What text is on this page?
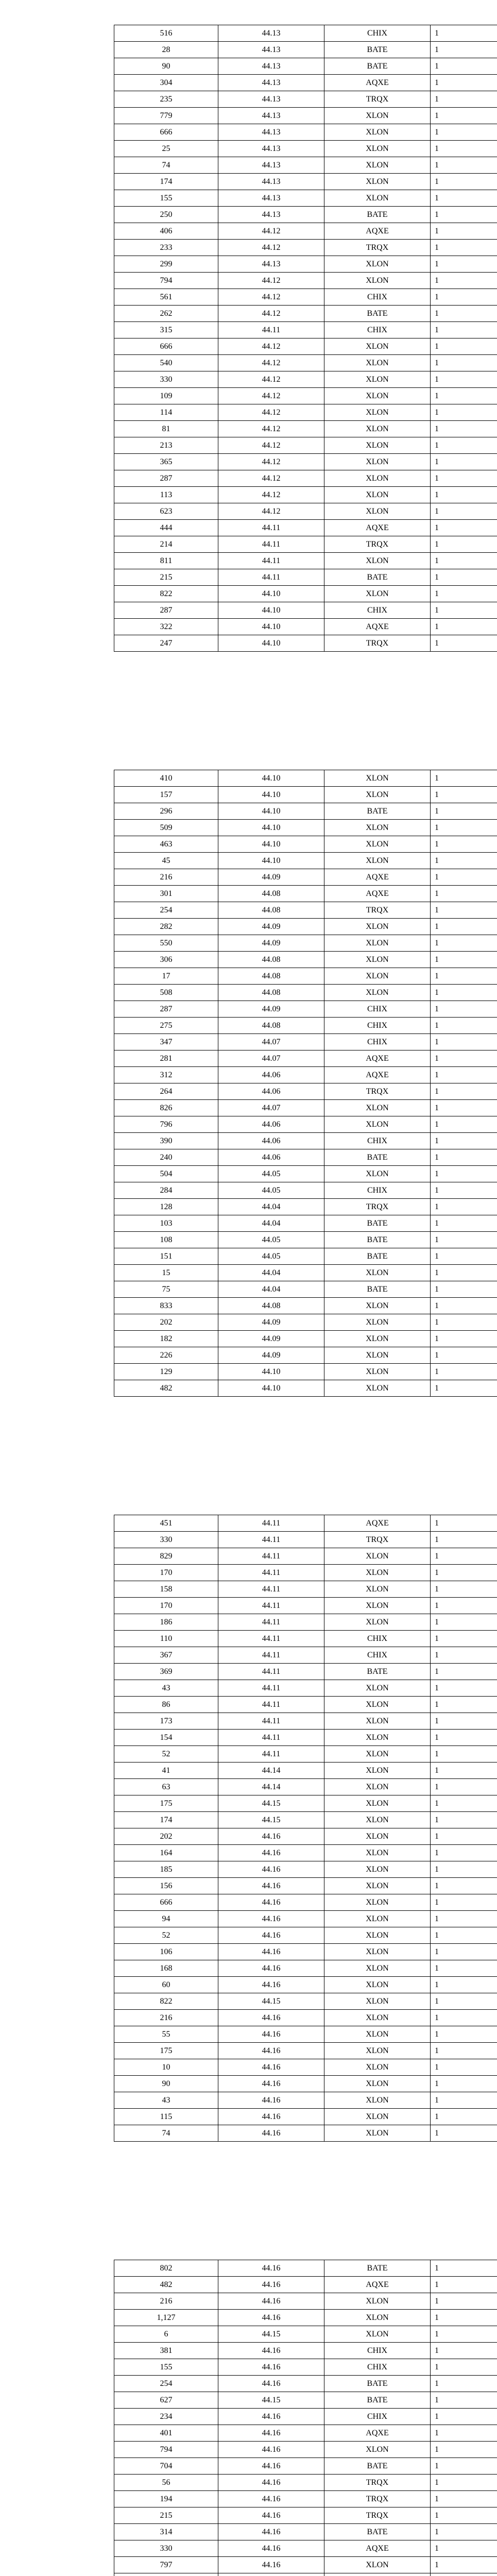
516	44.13	CHIX	1
28	44.13	BATE	1
90	44.13	BATE	1
304	44.13	AQXE	1
235	44.13	TRQX	1
779	44.13	XLON	1
666	44.13	XLON	1
25	44.13	XLON	1
74	44.13	XLON	1
174	44.13	XLON	1
155	44.13	XLON	1
250	44.13	BATE	1
406	44.12	AQXE	1
233	44.12	TRQX	1
299	44.13	XLON	1
794	44.12	XLON	1
561	44.12	CHIX	1
262	44.12	BATE	1
315	44.11	CHIX	1
666	44.12	XLON	1
540	44.12	XLON	1
330	44.12	XLON	1
109	44.12	XLON	1
114	44.12	XLON	1
81	44.12	XLON	1
213	44.12	XLON	1
365	44.12	XLON	1
287	44.12	XLON	1
113	44.12	XLON	1
623	44.12	XLON	1
444	44.11	AQXE	1
214	44.11	TRQX	1
811	44.11	XLON	1
215	44.11	BATE	1
822	44.10	XLON	1
287	44.10	CHIX	1
322	44.10	AQXE	1
247	44.10	TRQX	1
410	44.10	XLON	1
157	44.10	XLON	1
296	44.10	BATE	1
509	44.10	XLON	1
463	44.10	XLON	1
45	44.10	XLON	1
216	44.09	AQXE	1
301	44.08	AQXE	1
254	44.08	TRQX	1
282	44.09	XLON	1
550	44.09	XLON	1
306	44.08	XLON	1
17	44.08	XLON	1
508	44.08	XLON	1
287	44.09	CHIX	1
275	44.08	CHIX	1
347	44.07	CHIX	1
281	44.07	AQXE	1
312	44.06	AQXE	1
264	44.06	TRQX	1
826	44.07	XLON	1
796	44.06	XLON	1
390	44.06	CHIX	1
240	44.06	BATE	1
504	44.05	XLON	1
284	44.05	CHIX	1
128	44.04	TRQX	1
103	44.04	BATE	1
108	44.05	BATE	1
151	44.05	BATE	1
15	44.04	XLON	1
75	44.04	BATE	1
833	44.08	XLON	1
202	44.09	XLON	1
182	44.09	XLON	1
226	44.09	XLON	1
129	44.10	XLON	1
482	44.10	XLON	1
451	44.11	AQXE	1
330	44.11	TRQX	1
829	44.11	XLON	1
170	44.11	XLON	1
158	44.11	XLON	1
170	44.11	XLON	1
186	44.11	XLON	1
110	44.11	CHIX	1
367	44.11	CHIX	1
369	44.11	BATE	1
43	44.11	XLON	1
86	44.11	XLON	1
173	44.11	XLON	1
154	44.11	XLON	1
52	44.11	XLON	1
41	44.14	XLON	1
63	44.14	XLON	1
175	44.15	XLON	1
174	44.15	XLON	1
202	44.16	XLON	1
164	44.16	XLON	1
185	44.16	XLON	1
156	44.16	XLON	1
666	44.16	XLON	1
94	44.16	XLON	1
52	44.16	XLON	1
106	44.16	XLON	1
168	44.16	XLON	1
60	44.16	XLON	1
822	44.15	XLON	1
216	44.16	XLON	1
55	44.16	XLON	1
175	44.16	XLON	1
10	44.16	XLON	1
90	44.16	XLON	1
43	44.16	XLON	1
115	44.16	XLON	1
74	44.16	XLON	1
802	44.16	BATE	1
482	44.16	AQXE	1
216	44.16	XLON	1
1,127	44.16	XLON	1
6	44.15	XLON	1
381	44.16	CHIX	1
155	44.16	CHIX	1
254	44.16	BATE	1
627	44.15	BATE	1
234	44.16	CHIX	1
401	44.16	AQXE	1
794	44.16	XLON	1
704	44.16	BATE	1
56	44.16	TRQX	1
194	44.16	TRQX	1
215	44.16	TRQX	1
314	44.16	BATE	1
330	44.16	AQXE	1
797	44.16	XLON	1
